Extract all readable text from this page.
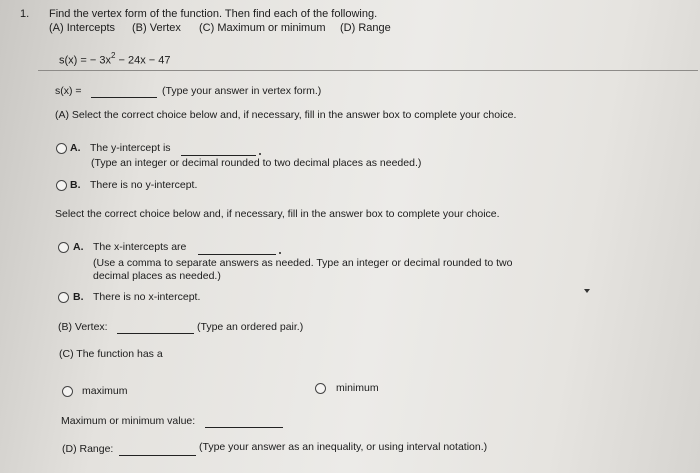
1. Find the vertex form of the function. Then find each of the following.
(A) Intercepts (B) Vertex (C) Maximum or minimum (D) Range
s(x) = − $3x^2 - 24x - 47$
s(x) =	(Type your answer in vertex form.)
(A) Select the correct choice below and, if necessary, fill in the answer box to complete your choice.
A. The y-intercept is
(Type an integer or decimal rounded to two decimal places as needed.)
B. There is no y-intercept.
Select the correct choice below and, if necessary, fill in the answer box to complete your choice.
A. The x-intercepts are
(Use a comma to separate answers as needed. Type an integer or decimal rounded to two
decimal places as needed.)
B. There is no x-intercept.
(B) Vertex:	(Type an ordered pair.)
(C) The function has a
maximum	minimum
Maximum or minimum value:
(D) Range:	(Type your answer as an inequality, or using interval notation.)
